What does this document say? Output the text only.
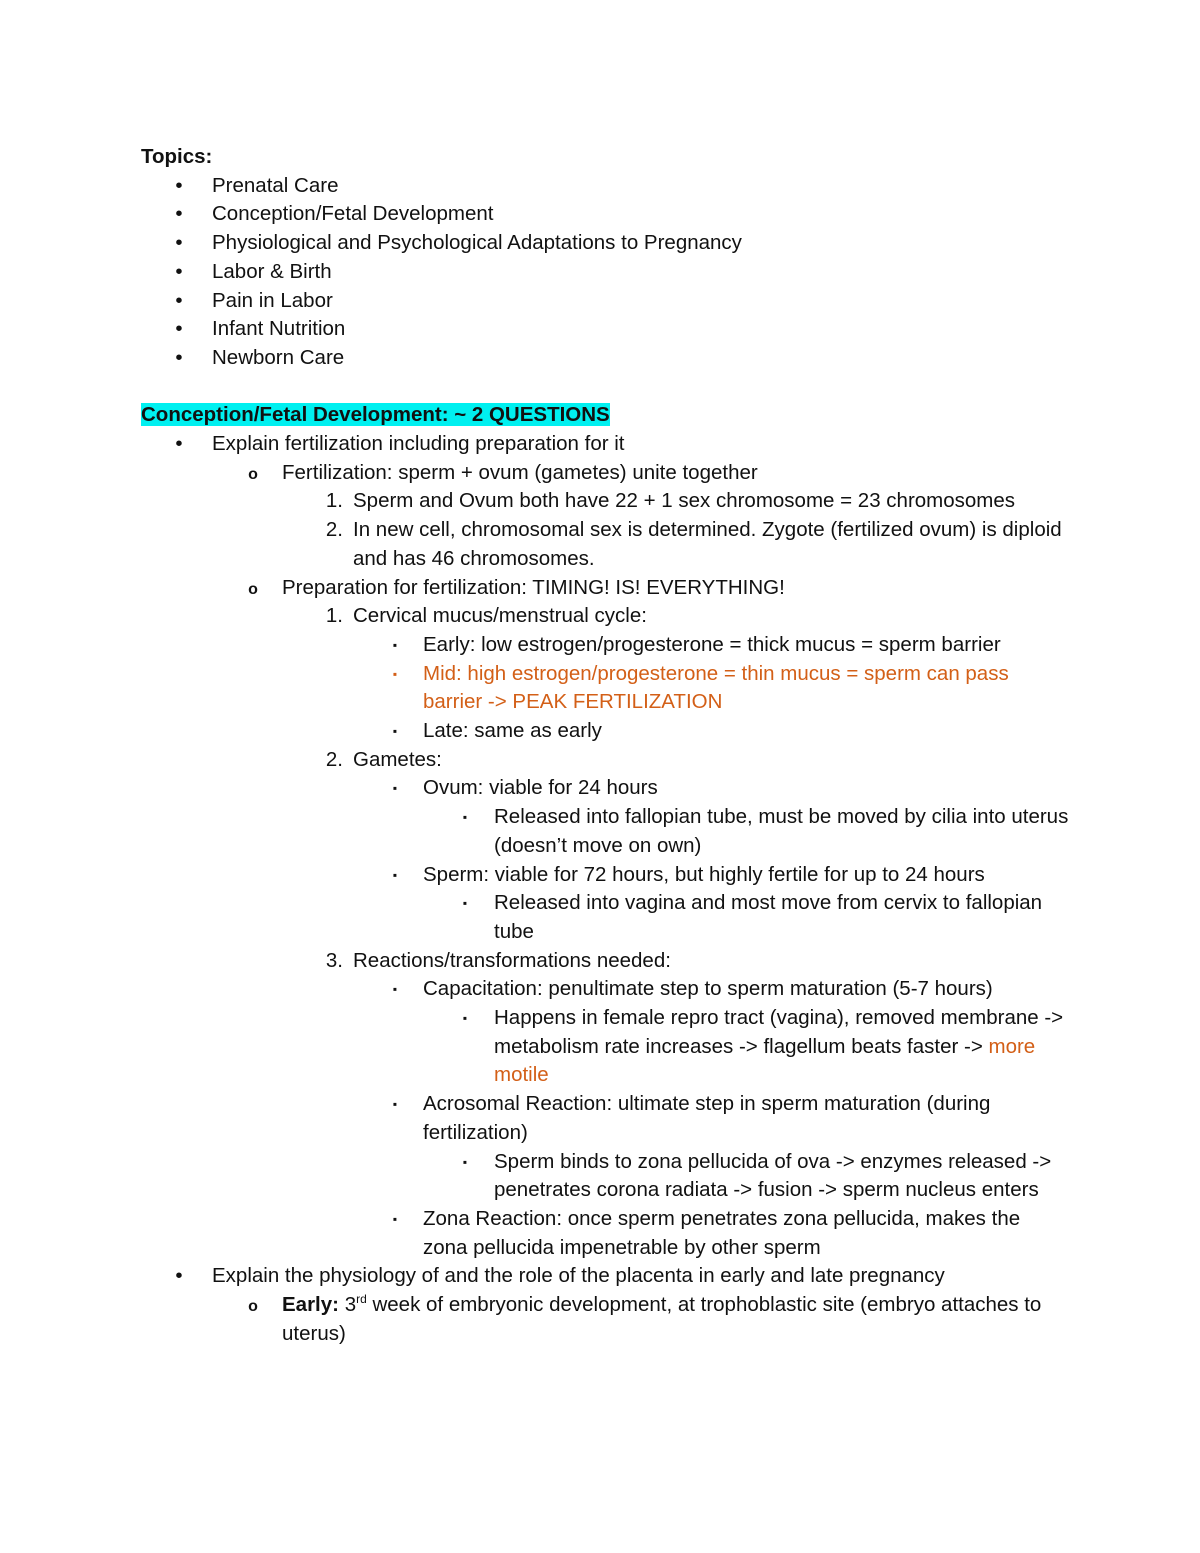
Topics:
•	Prenatal Care
•	Conception/Fetal Development
•	Physiological and Psychological Adaptations to Pregnancy
•	Labor & Birth
•	Pain in Labor
•	Infant Nutrition
•	Newborn Care
Conception/Fetal Development: ~ 2 QUESTIONS
•	Explain fertilization including preparation for it
o	Fertilization: sperm + ovum (gametes) unite together
1. Sperm and Ovum both have 22 + 1 sex chromosome = 23 chromosomes
2. In new cell, chromosomal sex is determined. Zygote (fertilized ovum) is diploid and has 46 chromosomes.
o	Preparation for fertilization: TIMING! IS! EVERYTHING!
1. Cervical mucus/menstrual cycle:
▪	Early: low estrogen/progesterone = thick mucus = sperm barrier
▪	Mid: high estrogen/progesterone = thin mucus = sperm can pass barrier -> PEAK FERTILIZATION
▪	Late: same as early
2. Gametes:
▪	Ovum: viable for 24 hours
▪	Released into fallopian tube, must be moved by cilia into uterus (doesn’t move on own)
▪	Sperm: viable for 72 hours, but highly fertile for up to 24 hours
▪	Released into vagina and most move from cervix to fallopian tube
3. Reactions/transformations needed:
▪	Capacitation: penultimate step to sperm maturation (5-7 hours)
▪	Happens in female repro tract (vagina), removed membrane -> metabolism rate increases -> flagellum beats faster -> more motile
▪	Acrosomal Reaction: ultimate step in sperm maturation (during fertilization)
▪	Sperm binds to zona pellucida of ova -> enzymes released -> penetrates corona radiata -> fusion -> sperm nucleus enters
▪	Zona Reaction: once sperm penetrates zona pellucida, makes the zona pellucida impenetrable by other sperm
•	Explain the physiology of and the role of the placenta in early and late pregnancy
o	Early: 3rd week of embryonic development, at trophoblastic site (embryo attaches to uterus)
